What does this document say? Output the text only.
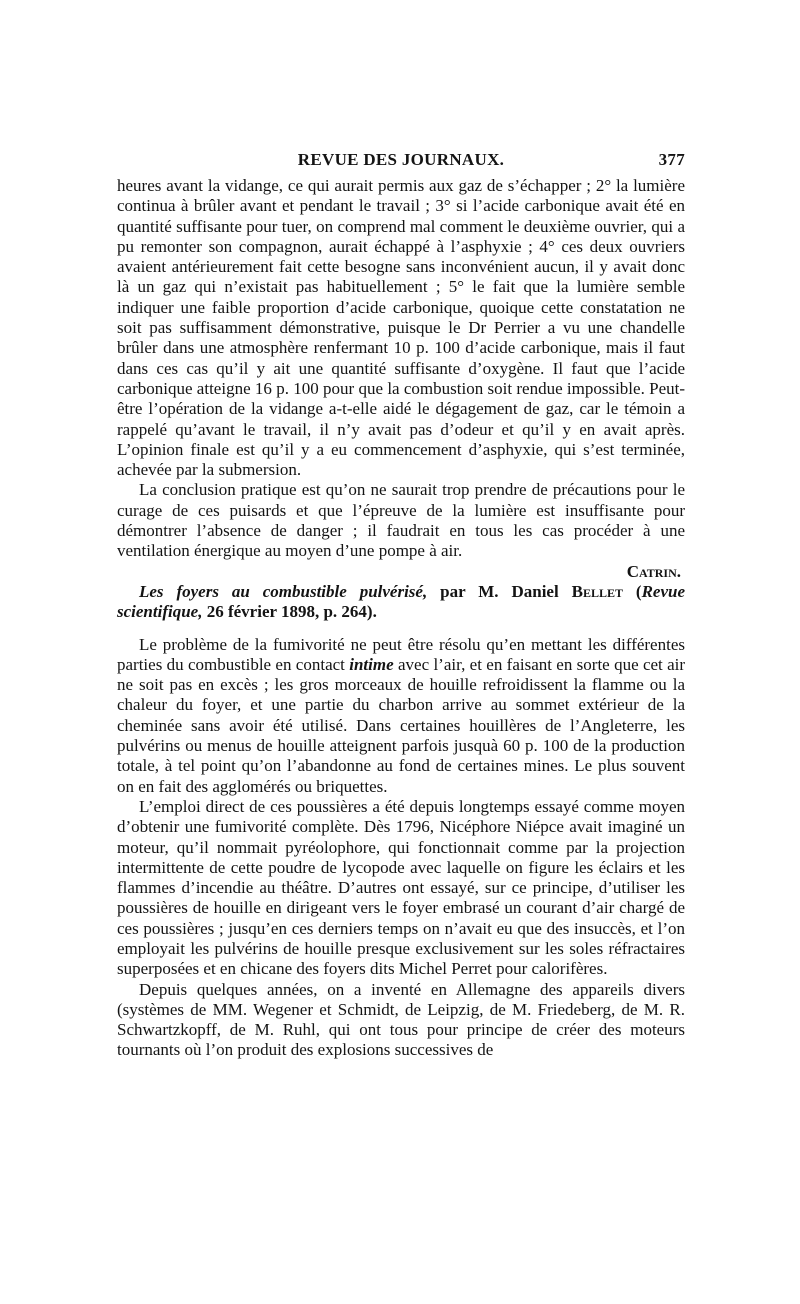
REVUE DES JOURNAUX.	377

heures avant la vidange, ce qui aurait permis aux gaz de s’échapper ; 2° la lumière continua à brûler avant et pendant le travail ; 3° si l’acide carbonique avait été en quantité suffisante pour tuer, on comprend mal comment le deuxième ouvrier, qui a pu remonter son compagnon, aurait échappé à l’asphyxie ; 4° ces deux ouvriers avaient antérieurement fait cette besogne sans inconvénient aucun, il y avait donc là un gaz qui n’existait pas habituellement ; 5° le fait que la lumière semble indiquer une faible proportion d’acide carbonique, quoique cette constatation ne soit pas suffisamment démonstrative, puisque le Dr Perrier a vu une chandelle brûler dans une atmosphère renfermant 10 p. 100 d’acide carbonique, mais il faut dans ces cas qu’il y ait une quantité suffisante d’oxygène. Il faut que l’acide carbonique atteigne 16 p. 100 pour que la combustion soit rendue impossible. Peut-être l’opération de la vidange a-t-elle aidé le dégagement de gaz, car le témoin a rappelé qu’avant le travail, il n’y avait pas d’odeur et qu’il y en avait après. L’opinion finale est qu’il y a eu commencement d’asphyxie, qui s’est terminée, achevée par la submersion.

La conclusion pratique est qu’on ne saurait trop prendre de précautions pour le curage de ces puisards et que l’épreuve de la lumière est insuffisante pour démontrer l’absence de danger ; il faudrait en tous les cas procéder à une ventilation énergique au moyen d’une pompe à air.

Catrin.

Les foyers au combustible pulvérisé, par M. Daniel Bellet (Revue scientifique, 26 février 1898, p. 264).

Le problème de la fumivorité ne peut être résolu qu’en mettant les différentes parties du combustible en contact intime avec l’air, et en faisant en sorte que cet air ne soit pas en excès ; les gros morceaux de houille refroidissent la flamme ou la chaleur du foyer, et une partie du charbon arrive au sommet extérieur de la cheminée sans avoir été utilisé. Dans certaines houillères de l’Angleterre, les pulvérins ou menus de houille atteignent parfois jusquà 60 p. 100 de la production totale, à tel point qu’on l’abandonne au fond de certaines mines. Le plus souvent on en fait des agglomérés ou briquettes.

L’emploi direct de ces poussières a été depuis longtemps essayé comme moyen d’obtenir une fumivorité complète. Dès 1796, Nicéphore Niépce avait imaginé un moteur, qu’il nommait pyréolophore, qui fonctionnait comme par la projection intermittente de cette poudre de lycopode avec laquelle on figure les éclairs et les flammes d’incendie au théâtre. D’autres ont essayé, sur ce principe, d’utiliser les poussières de houille en dirigeant vers le foyer embrasé un courant d’air chargé de ces poussières ; jusqu’en ces derniers temps on n’avait eu que des insuccès, et l’on employait les pulvérins de houille presque exclusivement sur les soles réfractaires superposées et en chicane des foyers dits Michel Perret pour calorifères.

Depuis quelques années, on a inventé en Allemagne des appareils divers (systèmes de MM. Wegener et Schmidt, de Leipzig, de M. Friedeberg, de M. R. Schwartzkopff, de M. Ruhl, qui ont tous pour principe de créer des moteurs tournants où l’on produit des explosions successives de
